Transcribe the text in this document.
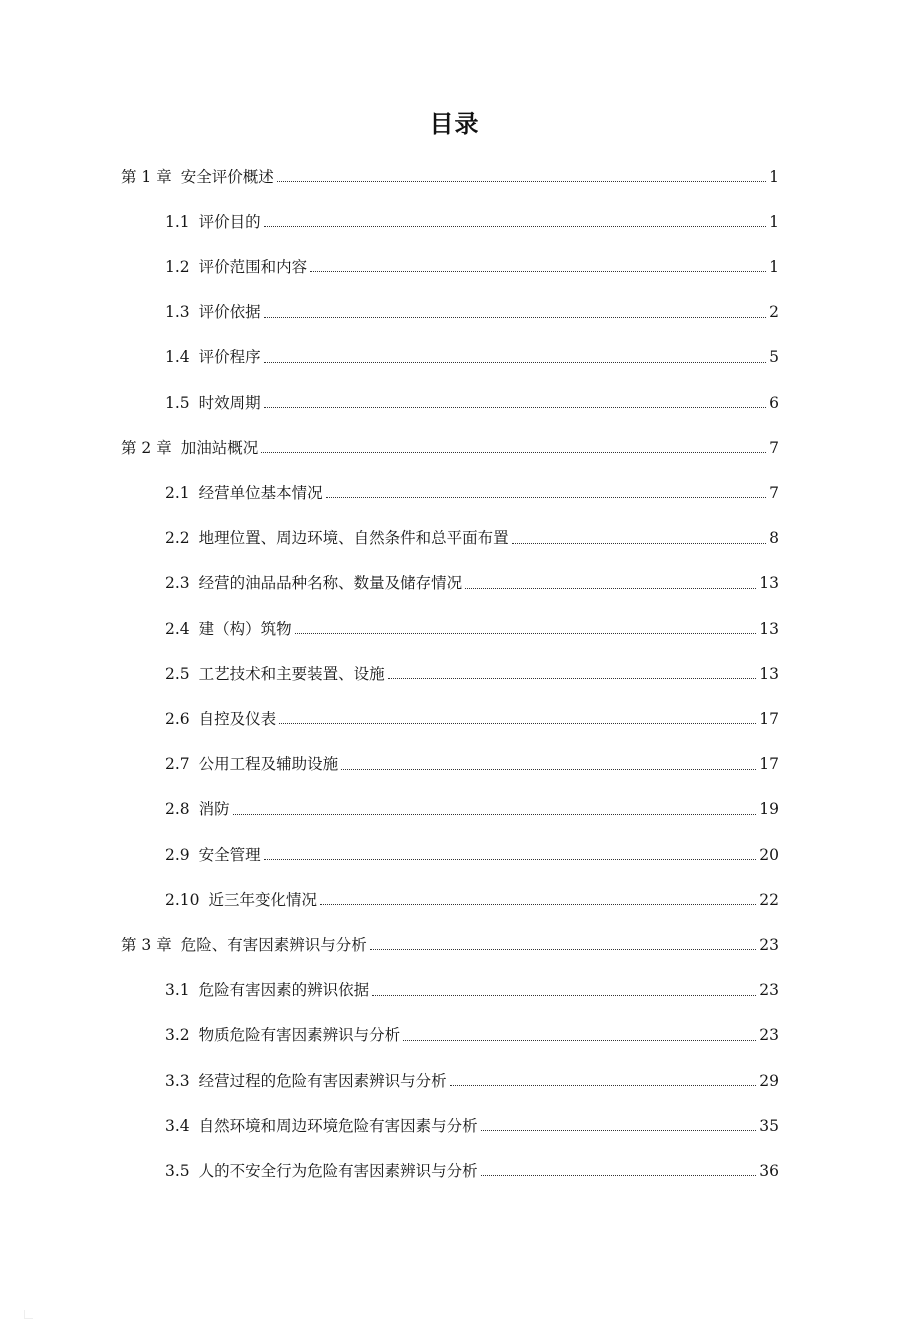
目录
第 1 章 安全评价概述	1
1.1 评价目的	1
1.2 评价范围和内容	1
1.3 评价依据	2
1.4 评价程序	5
1.5 时效周期	6
第 2 章 加油站概况	7
2.1 经营单位基本情况	7
2.2 地理位置、周边环境、自然条件和总平面布置	8
2.3 经营的油品品种名称、数量及储存情况	13
2.4 建（构）筑物	13
2.5 工艺技术和主要装置、设施	13
2.6 自控及仪表	17
2.7 公用工程及辅助设施	17
2.8 消防	19
2.9 安全管理	20
2.10 近三年变化情况	22
第 3 章 危险、有害因素辨识与分析	23
3.1 危险有害因素的辨识依据	23
3.2 物质危险有害因素辨识与分析	23
3.3 经营过程的危险有害因素辨识与分析	29
3.4 自然环境和周边环境危险有害因素与分析	35
3.5 人的不安全行为危险有害因素辨识与分析	36
